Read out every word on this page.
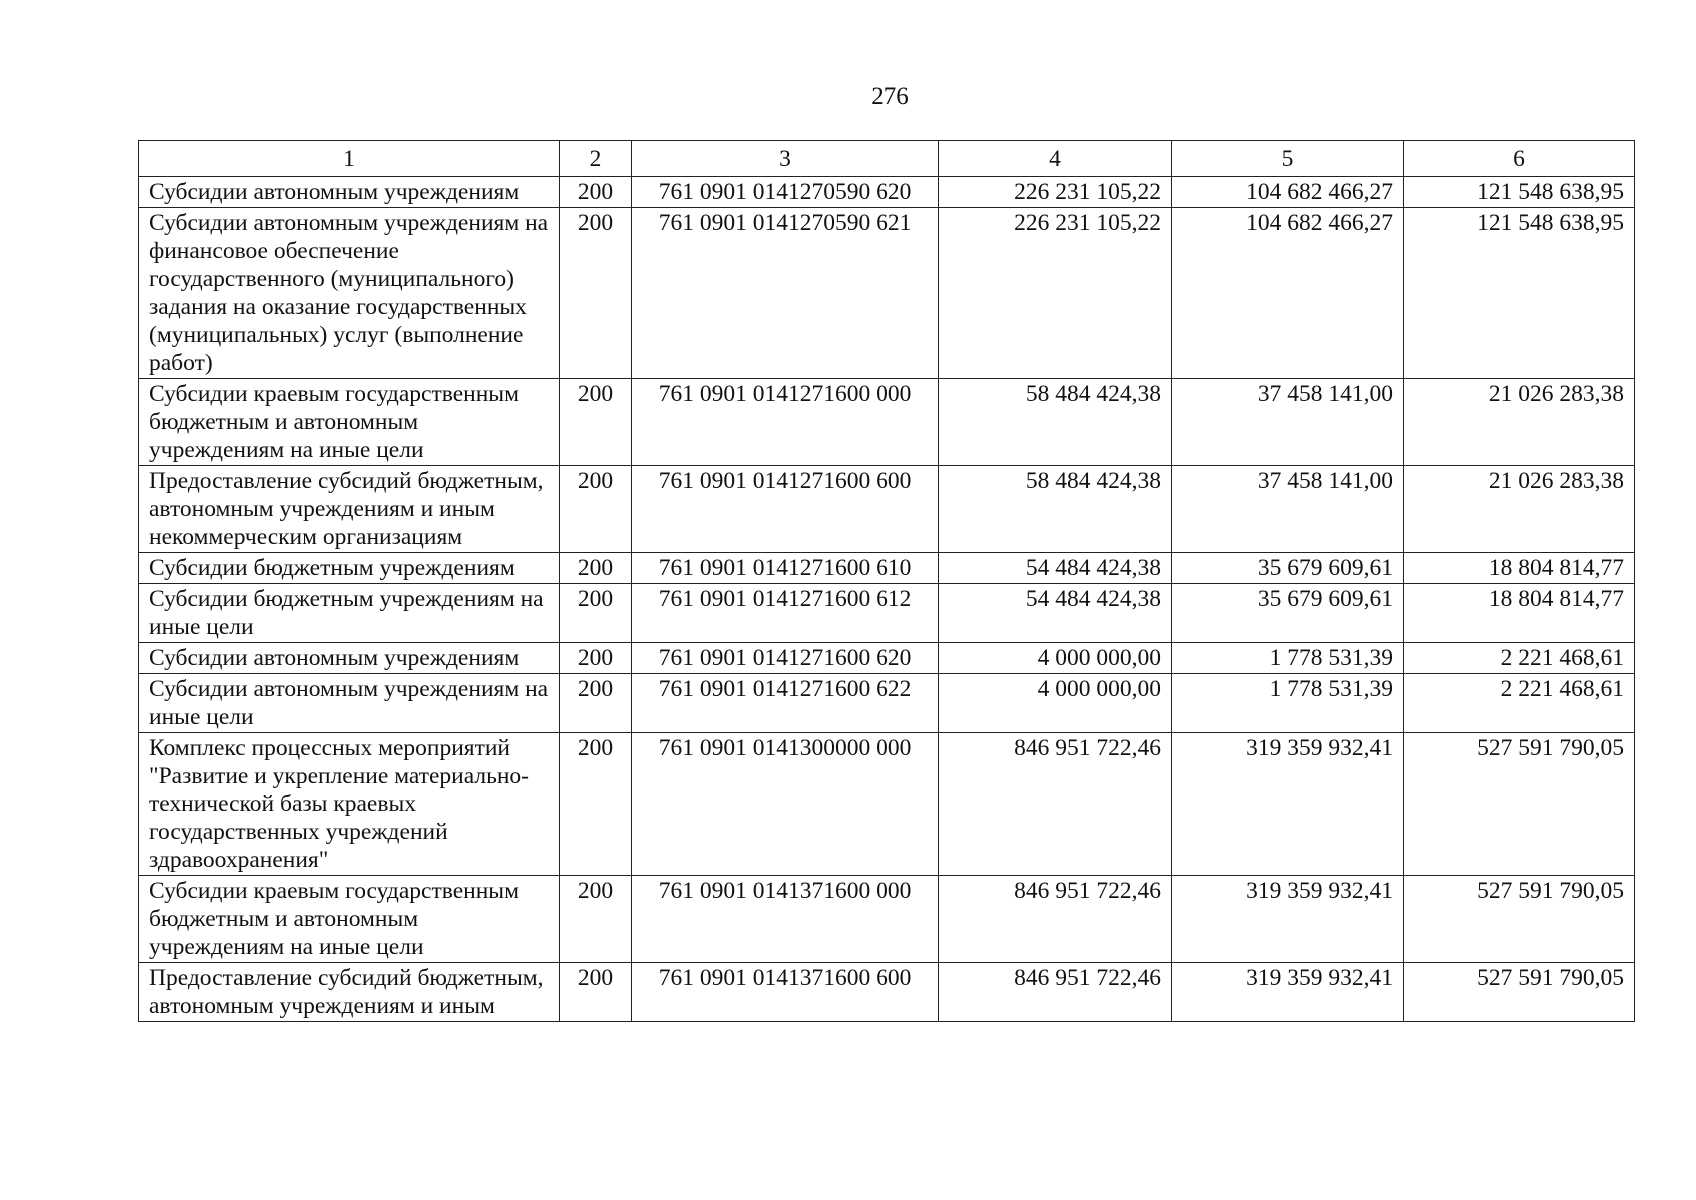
276
1	2	3	4	5	6
Субсидии автономным учреждениям	200	761 0901 0141270590 620	226 231 105,22	104 682 466,27	121 548 638,95
Субсидии автономным учреждениям на финансовое обеспечение государственного (муниципального) задания на оказание государственных (муниципальных) услуг (выполнение работ)	200	761 0901 0141270590 621	226 231 105,22	104 682 466,27	121 548 638,95
Субсидии краевым государственным бюджетным и автономным учреждениям на иные цели	200	761 0901 0141271600 000	58 484 424,38	37 458 141,00	21 026 283,38
Предоставление субсидий бюджетным, автономным учреждениям и иным некоммерческим организациям	200	761 0901 0141271600 600	58 484 424,38	37 458 141,00	21 026 283,38
Субсидии бюджетным учреждениям	200	761 0901 0141271600 610	54 484 424,38	35 679 609,61	18 804 814,77
Субсидии бюджетным учреждениям на иные цели	200	761 0901 0141271600 612	54 484 424,38	35 679 609,61	18 804 814,77
Субсидии автономным учреждениям	200	761 0901 0141271600 620	4 000 000,00	1 778 531,39	2 221 468,61
Субсидии автономным учреждениям на иные цели	200	761 0901 0141271600 622	4 000 000,00	1 778 531,39	2 221 468,61
Комплекс процессных мероприятий "Развитие и укрепление материально-технической базы краевых государственных учреждений здравоохранения"	200	761 0901 0141300000 000	846 951 722,46	319 359 932,41	527 591 790,05
Субсидии краевым государственным бюджетным и автономным учреждениям на иные цели	200	761 0901 0141371600 000	846 951 722,46	319 359 932,41	527 591 790,05
Предоставление субсидий бюджетным, автономным учреждениям и иным	200	761 0901 0141371600 600	846 951 722,46	319 359 932,41	527 591 790,05
